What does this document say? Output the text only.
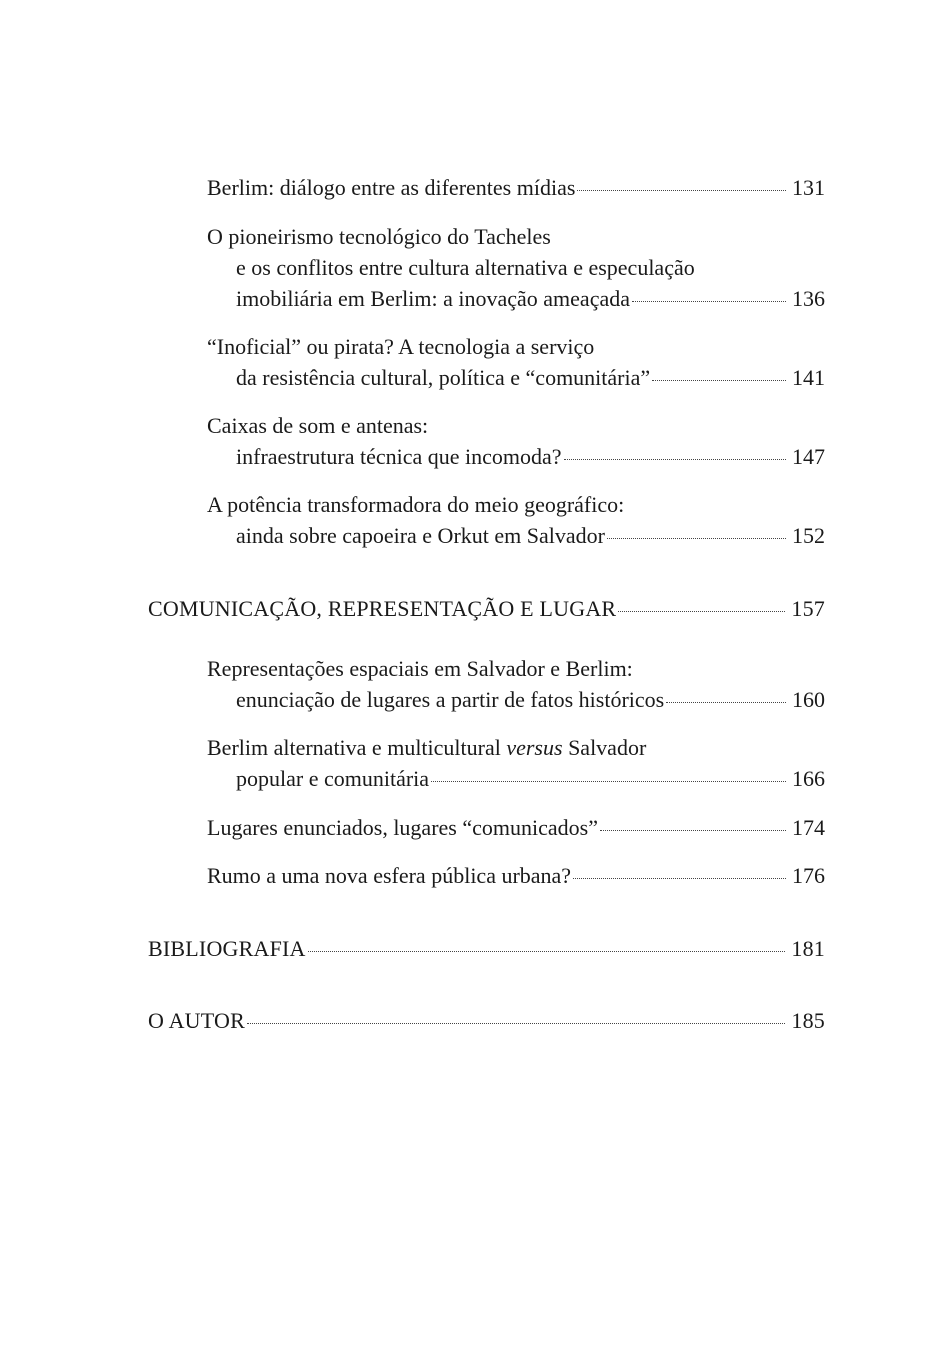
Berlim: diálogo entre as diferentes mídias	131
O pioneirismo tecnológico do Tacheles
e os conflitos entre cultura alternativa e especulação
imobiliária em Berlim: a inovação ameaçada	136
“Inoficial” ou pirata? A tecnologia a serviço
da resistência cultural, política e “comunitária”	141
Caixas de som e antenas:
infraestrutura técnica que incomoda?	147
A potência transformadora do meio geográfico:
ainda sobre capoeira e Orkut em Salvador	152
COMUNICAÇÃO, REPRESENTAÇÃO E LUGAR	157
Representações espaciais em Salvador e Berlim:
enunciação de lugares a partir de fatos históricos	160
Berlim alternativa e multicultural versus Salvador
popular e comunitária	166
Lugares enunciados, lugares “comunicados”	174
Rumo a uma nova esfera pública urbana?	176
BIBLIOGRAFIA	181
O AUTOR	185
